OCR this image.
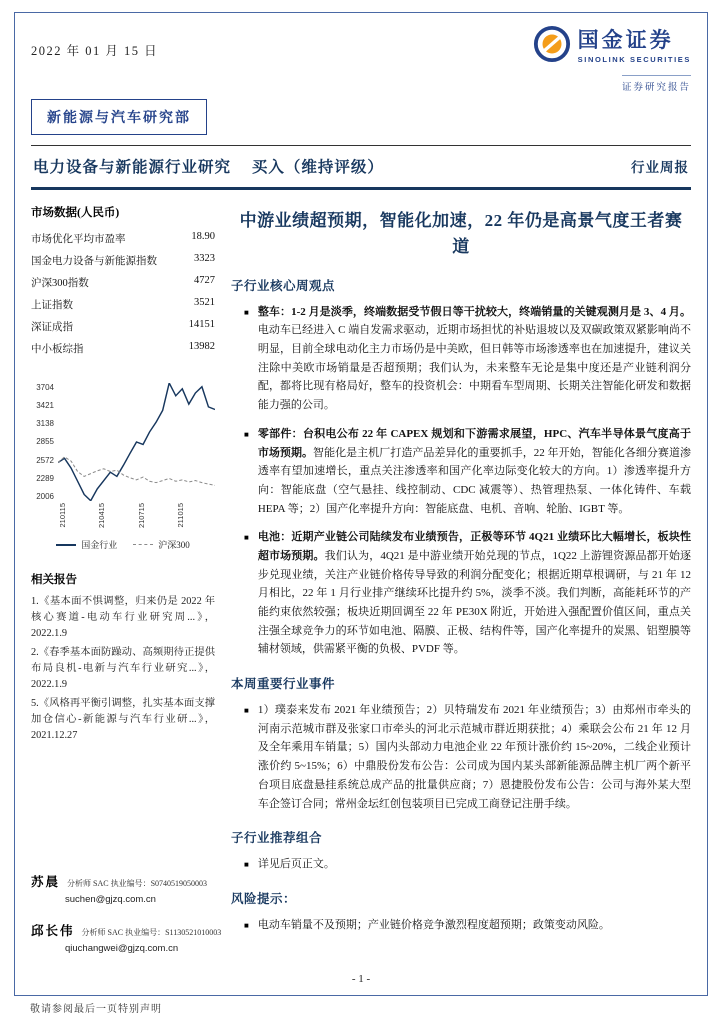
2022 年 01 月 15 日	国金证券
SINOLINK SECURITIES
证券研究报告
新能源与汽车研究部
电力设备与新能源行业研究 买入（维持评级）	行业周报
市场数据(人民币)
市场优化平均市盈率	18.90
国金电力设备与新能源指数	3323
沪深300指数	4727
上证指数	3521
深证成指	14151
中小板综指	13982
3704
3421
3138
2855
2572
2289
2006
210115	210415	210715	211015
国金行业	沪深300
相关报告

1.《基本面不惧调整，归来仍是 2022 年核心赛道-电动车行业研究周...》，2022.1.9

2.《春季基本面防躁动、高频期待正提供布局良机-电新与汽车行业研究...》，2022.1.9

5.《风格再平衡引调整，扎实基本面支撑加仓信心-新能源与汽车行业研...》，2021.12.27

苏晨 分析师 SAC 执业编号：S0740519050003
suchen@gjzq.com.cn
邱长伟 分析师 SAC 执业编号：S1130521010003
qiuchangwei@gjzq.com.cn
中游业绩超预期，智能化加速，22 年仍是高景气度王者赛道
子行业核心周观点
■ 整车：1-2 月是淡季，终端数据受节假日等干扰较大，终端销量的关键观测月是 3、4 月。电动车已经进入 C 端自发需求驱动，近期市场担忧的补贴退坡以及双碳政策双紧影响尚不明显，目前全球电动化主力市场仍是中美欧，但日韩等市场渗透率也在加速提升，建议关注除中美欧市场销量是否超预期；我们认为，未来整车无论是集中度还是产业链利润分配，都将比现有格局好，整车的投资机会：中期看车型周期、长期关注智能化研发和数据能力强的公司。
■ 零部件：台积电公布 22 年 CAPEX 规划和下游需求展望，HPC、汽车半导体景气度高于市场预期。智能化是主机厂打造产品差异化的重要抓手，22 年开始，智能化各细分赛道渗透率有望加速增长，重点关注渗透率和国产化率边际变化较大的方向。1）渗透率提升方向：智能底盘（空气悬挂、线控制动、CDC 减震等）、热管理热泵、一体化铸件、车载 HEPA 等；2）国产化率提升方向：智能底盘、电机、音响、轮胎、IGBT 等。
■ 电池：近期产业链公司陆续发布业绩预告，正极等环节 4Q21 业绩环比大幅增长，板块性超市场预期。我们认为，4Q21 是中游业绩开始兑现的节点，1Q22 上游锂资源品都开始逐步兑现业绩，关注产业链价格传导导致的利润分配变化；根据近期草根调研，与 21 年 12 月相比，22 年 1 月行业排产继续环比提升约 5%，淡季不淡。我们判断，高能耗环节的产能约束依然较强；板块近期回调至 22 年 PE30X 附近，开始进入强配置价值区间，重点关注强全球竞争力的环节如电池、隔膜、正极、结构件等，国产化率提升的炭黑、铝塑膜等辅材领域，供需紧平衡的负极、PVDF 等。
本周重要行业事件
■ 1）璞泰来发布 2021 年业绩预告；2）贝特瑞发布 2021 年业绩预告；3）由郑州市牵头的河南示范城市群及张家口市牵头的河北示范城市群近期获批；4）乘联会公布 21 年 12 月及全年乘用车销量；5）国内头部动力电池企业 22 年预计涨价约 15~20%，二线企业预计涨价约 5~15%；6）中鼎股份发布公告：公司成为国内某头部新能源品牌主机厂两个新平台项目底盘悬挂系统总成产品的批量供应商；7）恩捷股份发布公告：公司与海外某大型车企签订合同；常州金坛红创包装项目已完成工商登记注册手续。
子行业推荐组合
■ 详见后页正文。
风险提示：
■ 电动车销量不及预期；产业链价格竞争激烈程度超预期；政策变动风险。
- 1 -
敬请参阅最后一页特别声明
